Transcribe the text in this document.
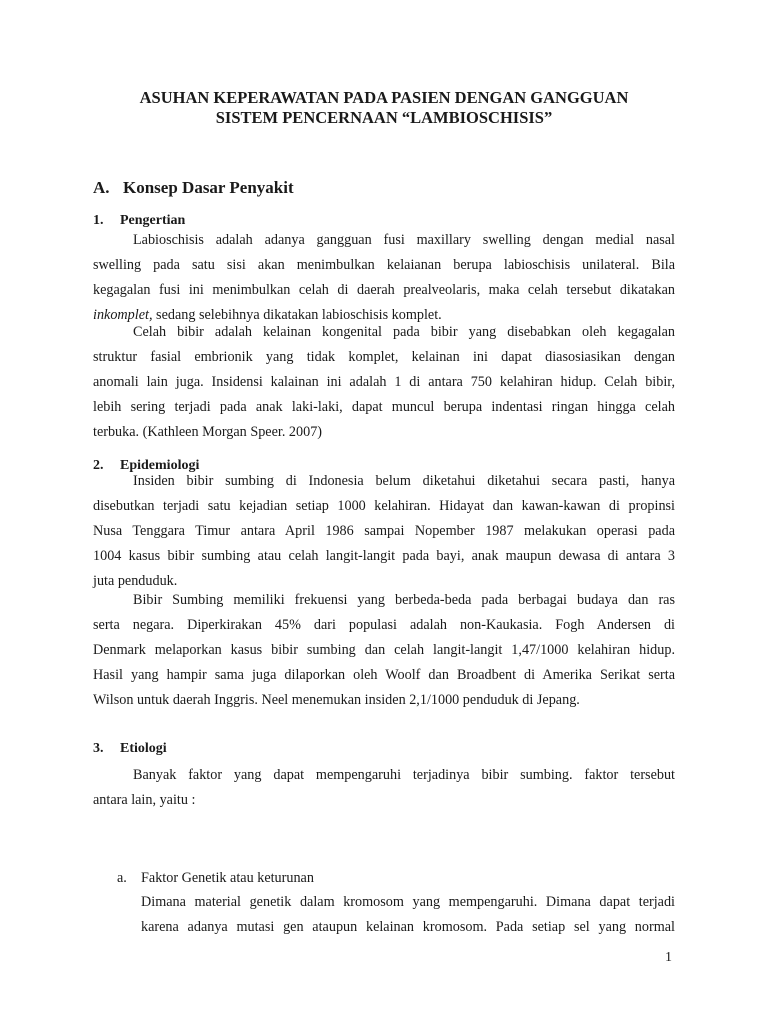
ASUHAN KEPERAWATAN PADA PASIEN DENGAN GANGGUAN
SISTEM PENCERNAAN “LAMBIOSCHISIS”
A. Konsep Dasar Penyakit
1. Pengertian
Labioschisis adalah adanya gangguan fusi maxillary swelling dengan medial nasal
swelling pada satu sisi akan menimbulkan kelaianan berupa labioschisis unilateral. Bila
kegagalan fusi ini menimbulkan celah di daerah prealveolaris, maka celah tersebut dikatakan
inkomplet, sedang selebihnya dikatakan labioschisis komplet.
Celah bibir adalah kelainan kongenital pada bibir yang disebabkan oleh kegagalan
struktur fasial embrionik yang tidak komplet, kelainan ini dapat diasosiasikan dengan
anomali lain juga. Insidensi kalainan ini adalah 1 di antara 750 kelahiran hidup. Celah bibir,
lebih sering terjadi pada anak laki-laki, dapat muncul berupa indentasi ringan hingga celah
terbuka. (Kathleen Morgan Speer. 2007)
2. Epidemiologi
Insiden bibir sumbing di Indonesia belum diketahui diketahui secara pasti, hanya
disebutkan terjadi satu kejadian setiap 1000 kelahiran. Hidayat dan kawan-kawan di propinsi
Nusa Tenggara Timur antara April 1986 sampai Nopember 1987 melakukan operasi pada
1004 kasus bibir sumbing atau celah langit-langit pada bayi, anak maupun dewasa di antara 3
juta penduduk.
Bibir Sumbing memiliki frekuensi yang berbeda-beda pada berbagai budaya dan ras
serta negara. Diperkirakan 45% dari populasi adalah non-Kaukasia. Fogh Andersen di
Denmark melaporkan kasus bibir sumbing dan celah langit-langit 1,47/1000 kelahiran hidup.
Hasil yang hampir sama juga dilaporkan oleh Woolf dan Broadbent di Amerika Serikat serta
Wilson untuk daerah Inggris. Neel menemukan insiden 2,1/1000 penduduk di Jepang.
3. Etiologi
Banyak faktor yang dapat mempengaruhi terjadinya bibir sumbing. faktor tersebut
antara lain, yaitu :
a. Faktor Genetik atau keturunan
Dimana material genetik dalam kromosom yang mempengaruhi. Dimana dapat terjadi
karena adanya mutasi gen ataupun kelainan kromosom. Pada setiap sel yang normal
1
